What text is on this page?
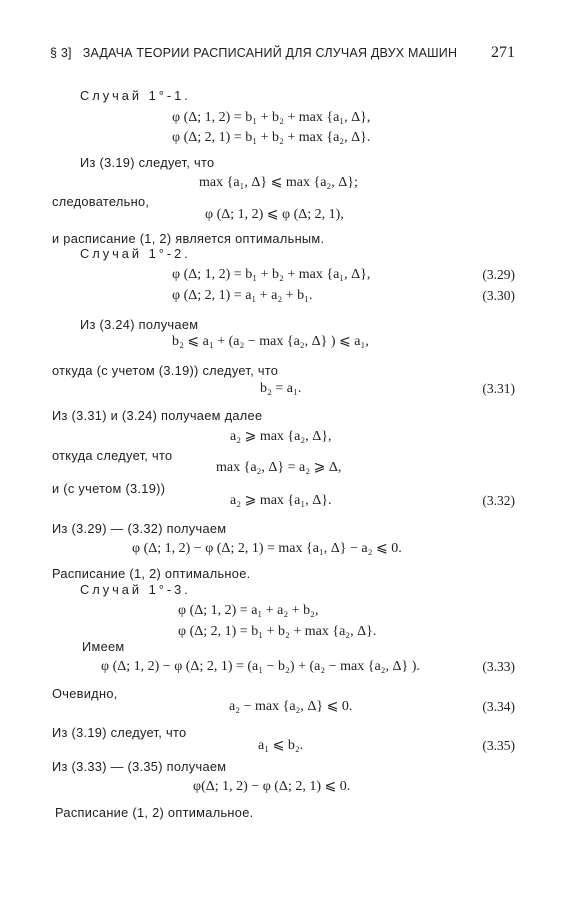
§ 3] ЗАДАЧА ТЕОРИИ РАСПИСАНИЙ ДЛЯ СЛУЧАЯ ДВУХ МАШИН 271
Случай 1°-1.
φ (Δ; 1, 2) = b₁ + b₂ + max {a₁, Δ},
φ (Δ; 2, 1) = b₁ + b₂ + max {a₂, Δ}.
Из (3.19) следует, что
max {a₁, Δ} ⩽ max {a₂, Δ};
следовательно,
φ (Δ; 1, 2) ⩽ φ (Δ; 2, 1),
и расписание (1, 2) является оптимальным.
Случай 1°-2.
φ (Δ; 1, 2) = b₁ + b₂ + max {a₁, Δ},	(3.29)
φ (Δ; 2, 1) = a₁ + a₂ + b₁.	(3.30)
Из (3.24) получаем
b₂ ⩽ a₁ + (a₂ − max {a₂, Δ} ) ⩽ a₁,
откуда (с учетом (3.19)) следует, что
b₂ = a₁.	(3.31)
Из (3.31) и (3.24) получаем далее
a₂ ⩾ max {a₂, Δ},
откуда следует, что
max {a₂, Δ} = a₂ ⩾ Δ,
и (с учетом (3.19))
a₂ ⩾ max {a₁, Δ}.	(3.32)
Из (3.29) — (3.32) получаем
φ (Δ; 1, 2) − φ (Δ; 2, 1) = max {a₁, Δ} − a₂ ⩽ 0.
Расписание (1, 2) оптимальное.
Случай 1°-3.
φ (Δ; 1, 2) = a₁ + a₂ + b₂,
φ (Δ; 2, 1) = b₁ + b₂ + max {a₂, Δ}.
Имеем
φ (Δ; 1, 2) − φ (Δ; 2, 1) = (a₁ − b₂) + (a₂ − max {a₂, Δ} ).	(3.33)
Очевидно,
a₂ − max {a₂, Δ} ⩽ 0.	(3.34)
Из (3.19) следует, что
a₁ ⩽ b₂.	(3.35)
Из (3.33) — (3.35) получаем
φ(Δ; 1, 2) − φ (Δ; 2, 1) ⩽ 0.
Расписание (1, 2) оптимальное.
